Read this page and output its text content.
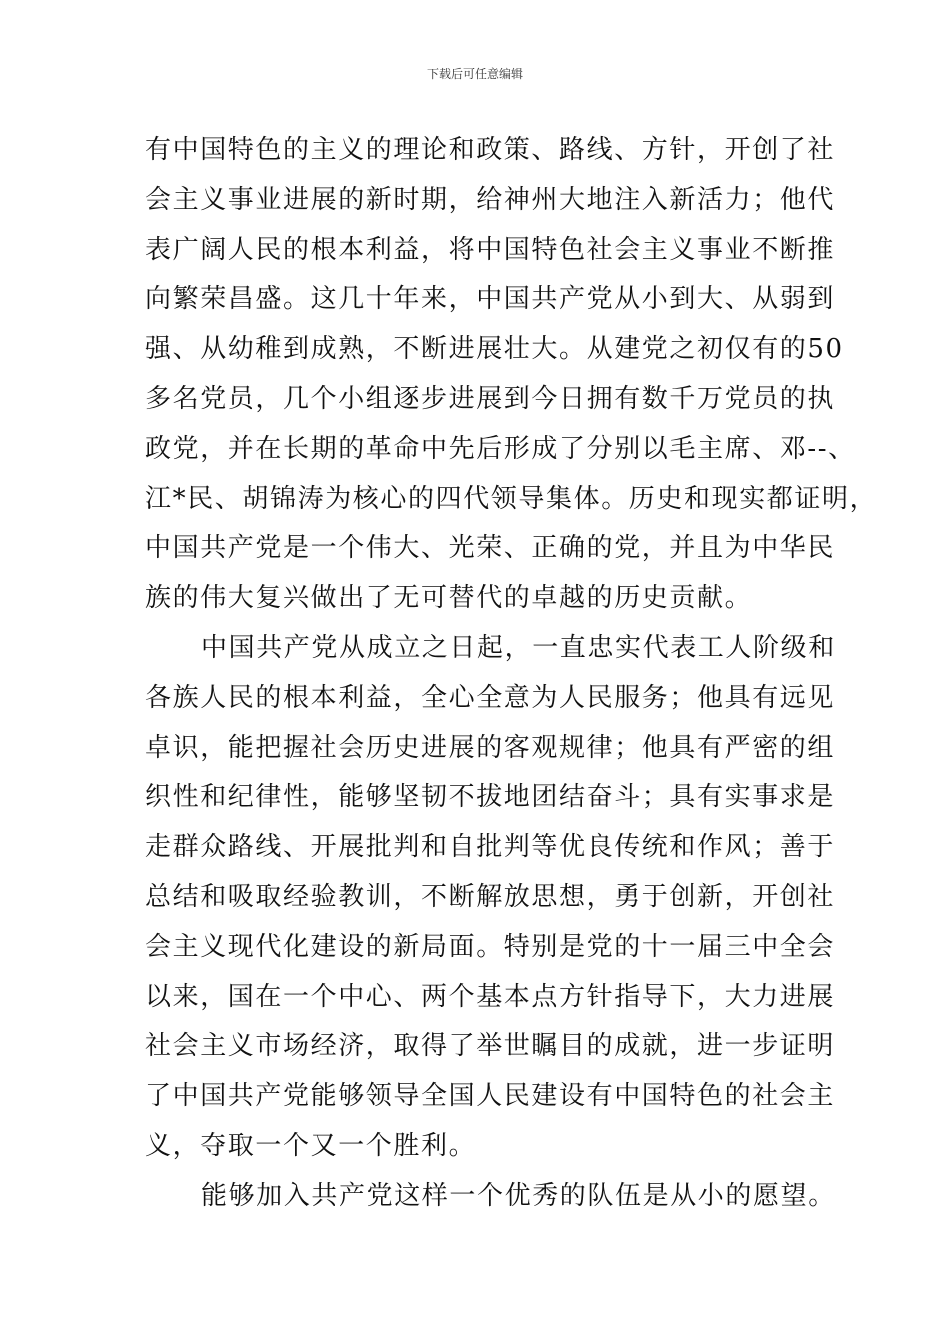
下载后可任意编辑
有中国特色的主义的理论和政策、路线、方针，开创了社
会主义事业进展的新时期，给神州大地注入新活力；他代
表广阔人民的根本利益，将中国特色社会主义事业不断推
向繁荣昌盛。这几十年来，中国共产党从小到大、从弱到
强、从幼稚到成熟，不断进展壮大。从建党之初仅有的50
多名党员，几个小组逐步进展到今日拥有数千万党员的执
政党，并在长期的革命中先后形成了分别以毛主席、邓--、
江*民、胡锦涛为核心的四代领导集体。历史和现实都证明，
中国共产党是一个伟大、光荣、正确的党，并且为中华民
族的伟大复兴做出了无可替代的卓越的历史贡献。
中国共产党从成立之日起，一直忠实代表工人阶级和
各族人民的根本利益，全心全意为人民服务；他具有远见
卓识，能把握社会历史进展的客观规律；他具有严密的组
织性和纪律性，能够坚韧不拔地团结奋斗；具有实事求是
走群众路线、开展批判和自批判等优良传统和作风；善于
总结和吸取经验教训，不断解放思想，勇于创新，开创社
会主义现代化建设的新局面。特别是党的十一届三中全会
以来，国在一个中心、两个基本点方针指导下，大力进展
社会主义市场经济，取得了举世瞩目的成就，进一步证明
了中国共产党能够领导全国人民建设有中国特色的社会主
义，夺取一个又一个胜利。
能够加入共产党这样一个优秀的队伍是从小的愿望。
